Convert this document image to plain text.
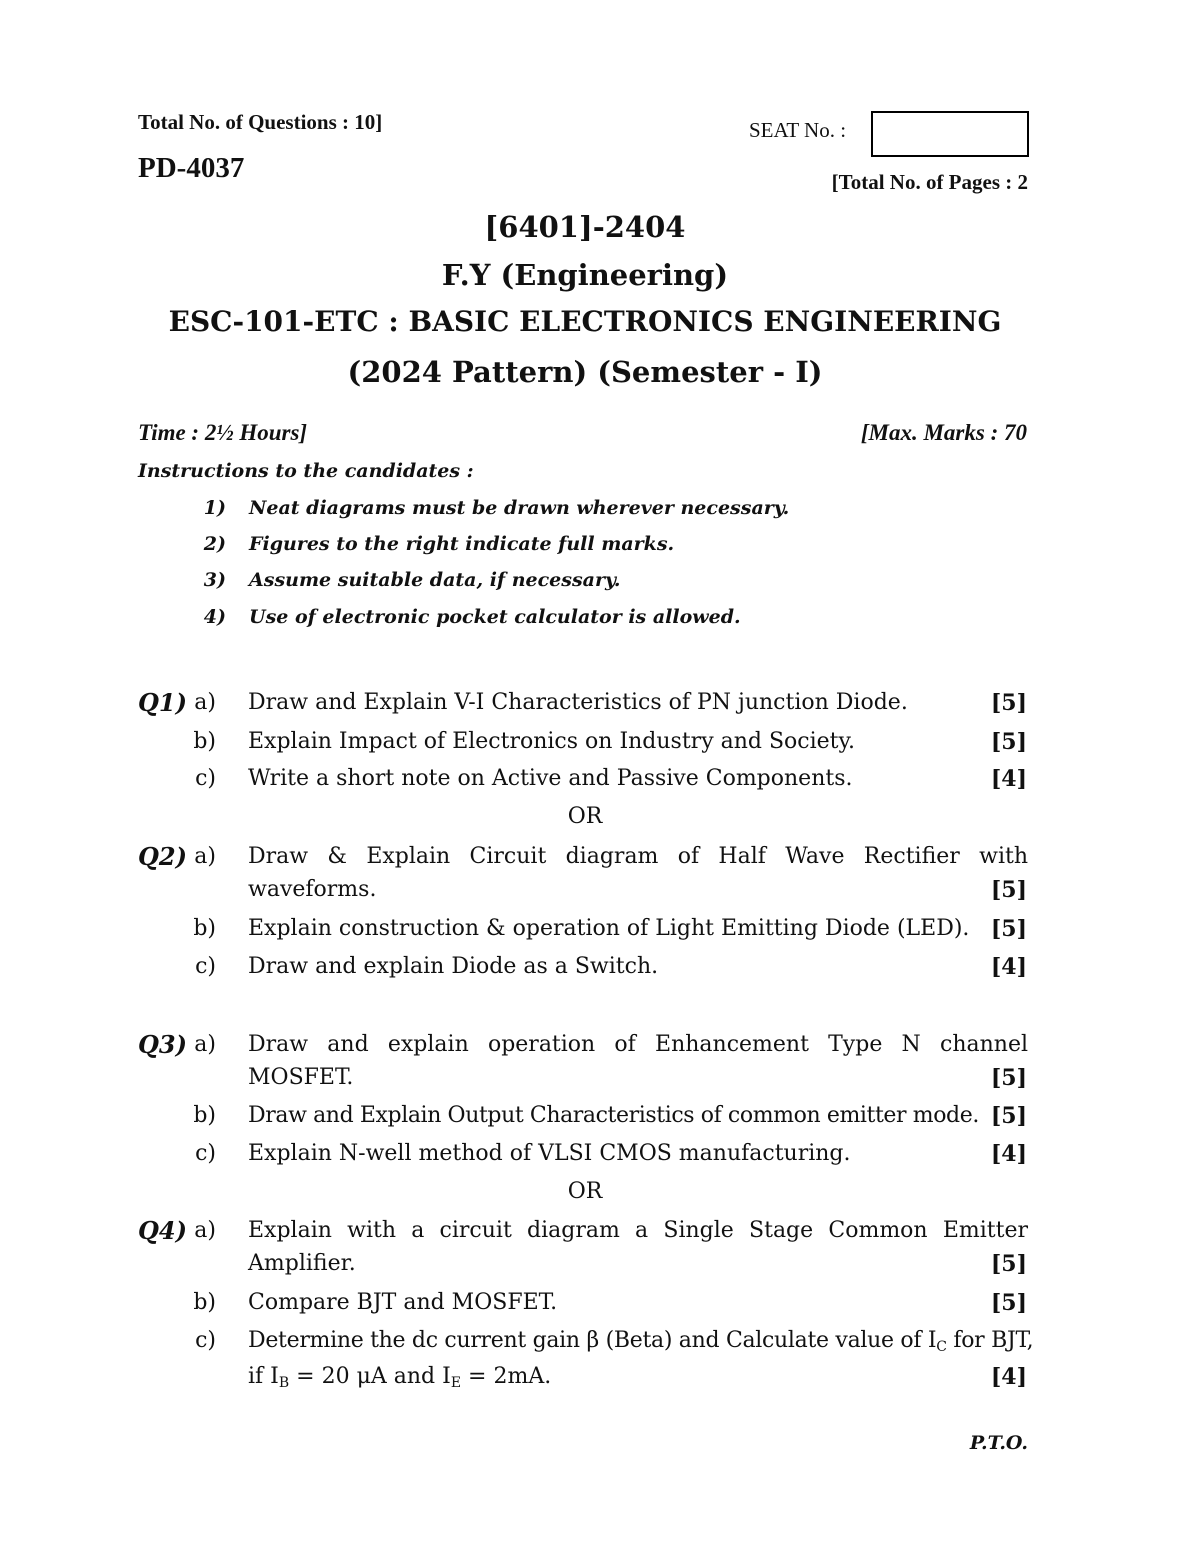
Total No. of Questions : 10]	SEAT No. :
PD-4037	[Total No. of Pages : 2
[6401]-2404
F.Y (Engineering)
ESC-101-ETC : BASIC ELECTRONICS ENGINEERING
(2024 Pattern) (Semester - I)
Time : 2½ Hours]	[Max. Marks : 70
Instructions to the candidates :
1) Neat diagrams must be drawn wherever necessary.
2) Figures to the right indicate full marks.
3) Assume suitable data, if necessary.
4) Use of electronic pocket calculator is allowed.
Q1) a) Draw and Explain V-I Characteristics of PN junction Diode.	[5]
b) Explain Impact of Electronics on Industry and Society.	[5]
c) Write a short note on Active and Passive Components.	[4]
OR
Q2) a) Draw & Explain Circuit diagram of Half Wave Rectifier with
waveforms.	[5]
b) Explain construction & operation of Light Emitting Diode (LED). [5]
c) Draw and explain Diode as a Switch.	[4]
Q3) a) Draw and explain operation of Enhancement Type N channel
MOSFET.	[5]
b) Draw and Explain Output Characteristics of common emitter mode. [5]
c) Explain N-well method of VLSI CMOS manufacturing.	[4]
OR
Q4) a) Explain with a circuit diagram a Single Stage Common Emitter
Amplifier.	[5]
b) Compare BJT and MOSFET.	[5]
c) Determine the dc current gain β (Beta) and Calculate value of $I_C$ for BJT,
if $I_B = 20$ μA and $I_E = 2mA$.	[4]
P.T.O.
